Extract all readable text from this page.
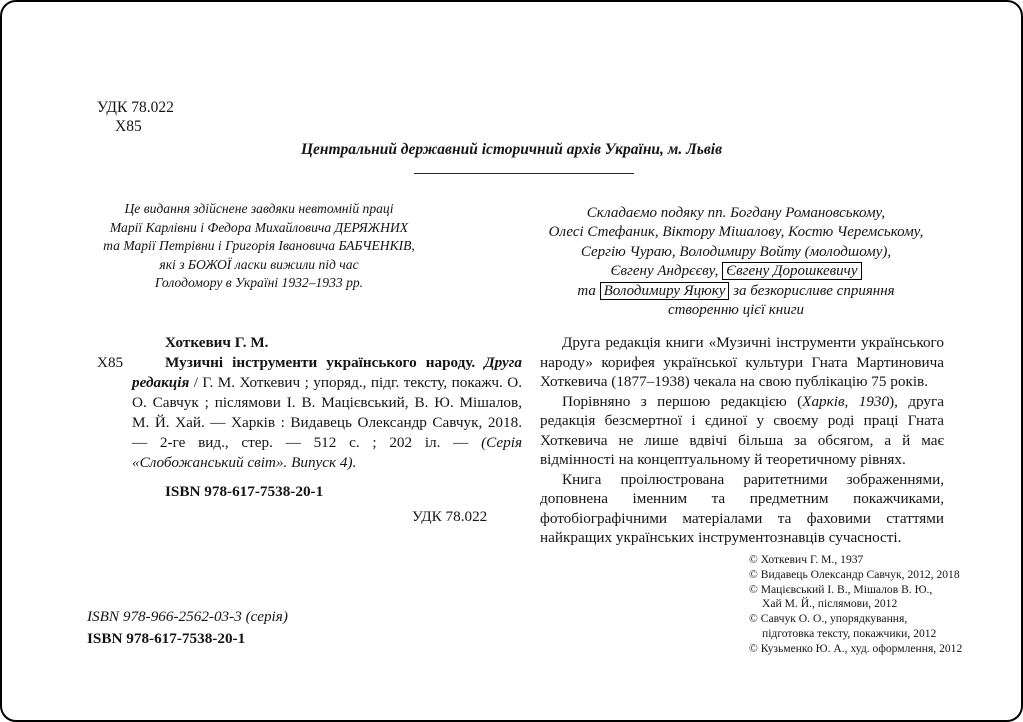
УДК 78.022
Х85
Центральний державний історичний архів України, м. Львів
Це видання здійснене завдяки невтомній праці
Марії Карлівни і Федора Михайловича ДЕРЯЖНИХ
та Марії Петрівни і Григорія Івановича БАБЧЕНКІВ,
які з БОЖОЇ ласки вижили під час
Голодомору в Україні 1932–1933 рр.
Складаємо подяку пп. Богдану Романовському,
Олесі Стефаник, Віктору Мішалову, Костю Черемському,
Сергію Чураю, Володимиру Войту (молодшому),
Євгену Андрєєву, Євгену Дорошкевичу
та Володимиру Яцюку за безкорисливе сприяння
створенню цієї книги
Хоткевич Г. М.
Х85	Музичні інструменти українського народу. Друга редакція / Г. М. Хоткевич ; упоряд., підг. тексту, покажч. О. О. Савчук ; післямови І. В. Мацієвський, В. Ю. Мішалов, М. Й. Хай. — Харків : Видавець Олександр Савчук, 2018. — 2-ге вид., стер. — 512 с. ; 202 іл. — (Серія «Слобожанський світ». Випуск 4).
ISBN 978-617-7538-20-1
УДК 78.022

Друга редакція книги «Музичні інструменти українського народу» корифея української культури Гната Мартиновича Хоткевича (1877–1938) чекала на свою публікацію 75 років.

Порівняно з першою редакцією (Харків, 1930), друга редакція безсмертної і єдиної у своєму роді праці Гната Хоткевича не лише вдвічі більша за обсягом, а й має відмінності на концептуальному й теоретичному рівнях.

Книга проілюстрована раритетними зображеннями, доповнена іменним та предметним покажчиками, фотобіографічними матеріалами та фаховими статтями найкращих українських інструментознавців сучасності.

© Хоткевич Г. М., 1937
© Видавець Олександр Савчук, 2012, 2018
© Мацієвський І. В., Мішалов В. Ю.,
Хай М. Й., післямови, 2012
© Савчук О. О., упорядкування,
підготовка тексту, покажчики, 2012
© Кузьменко Ю. А., худ. оформлення, 2012
ISBN 978-966-2562-03-3 (серія)
ISBN 978-617-7538-20-1
